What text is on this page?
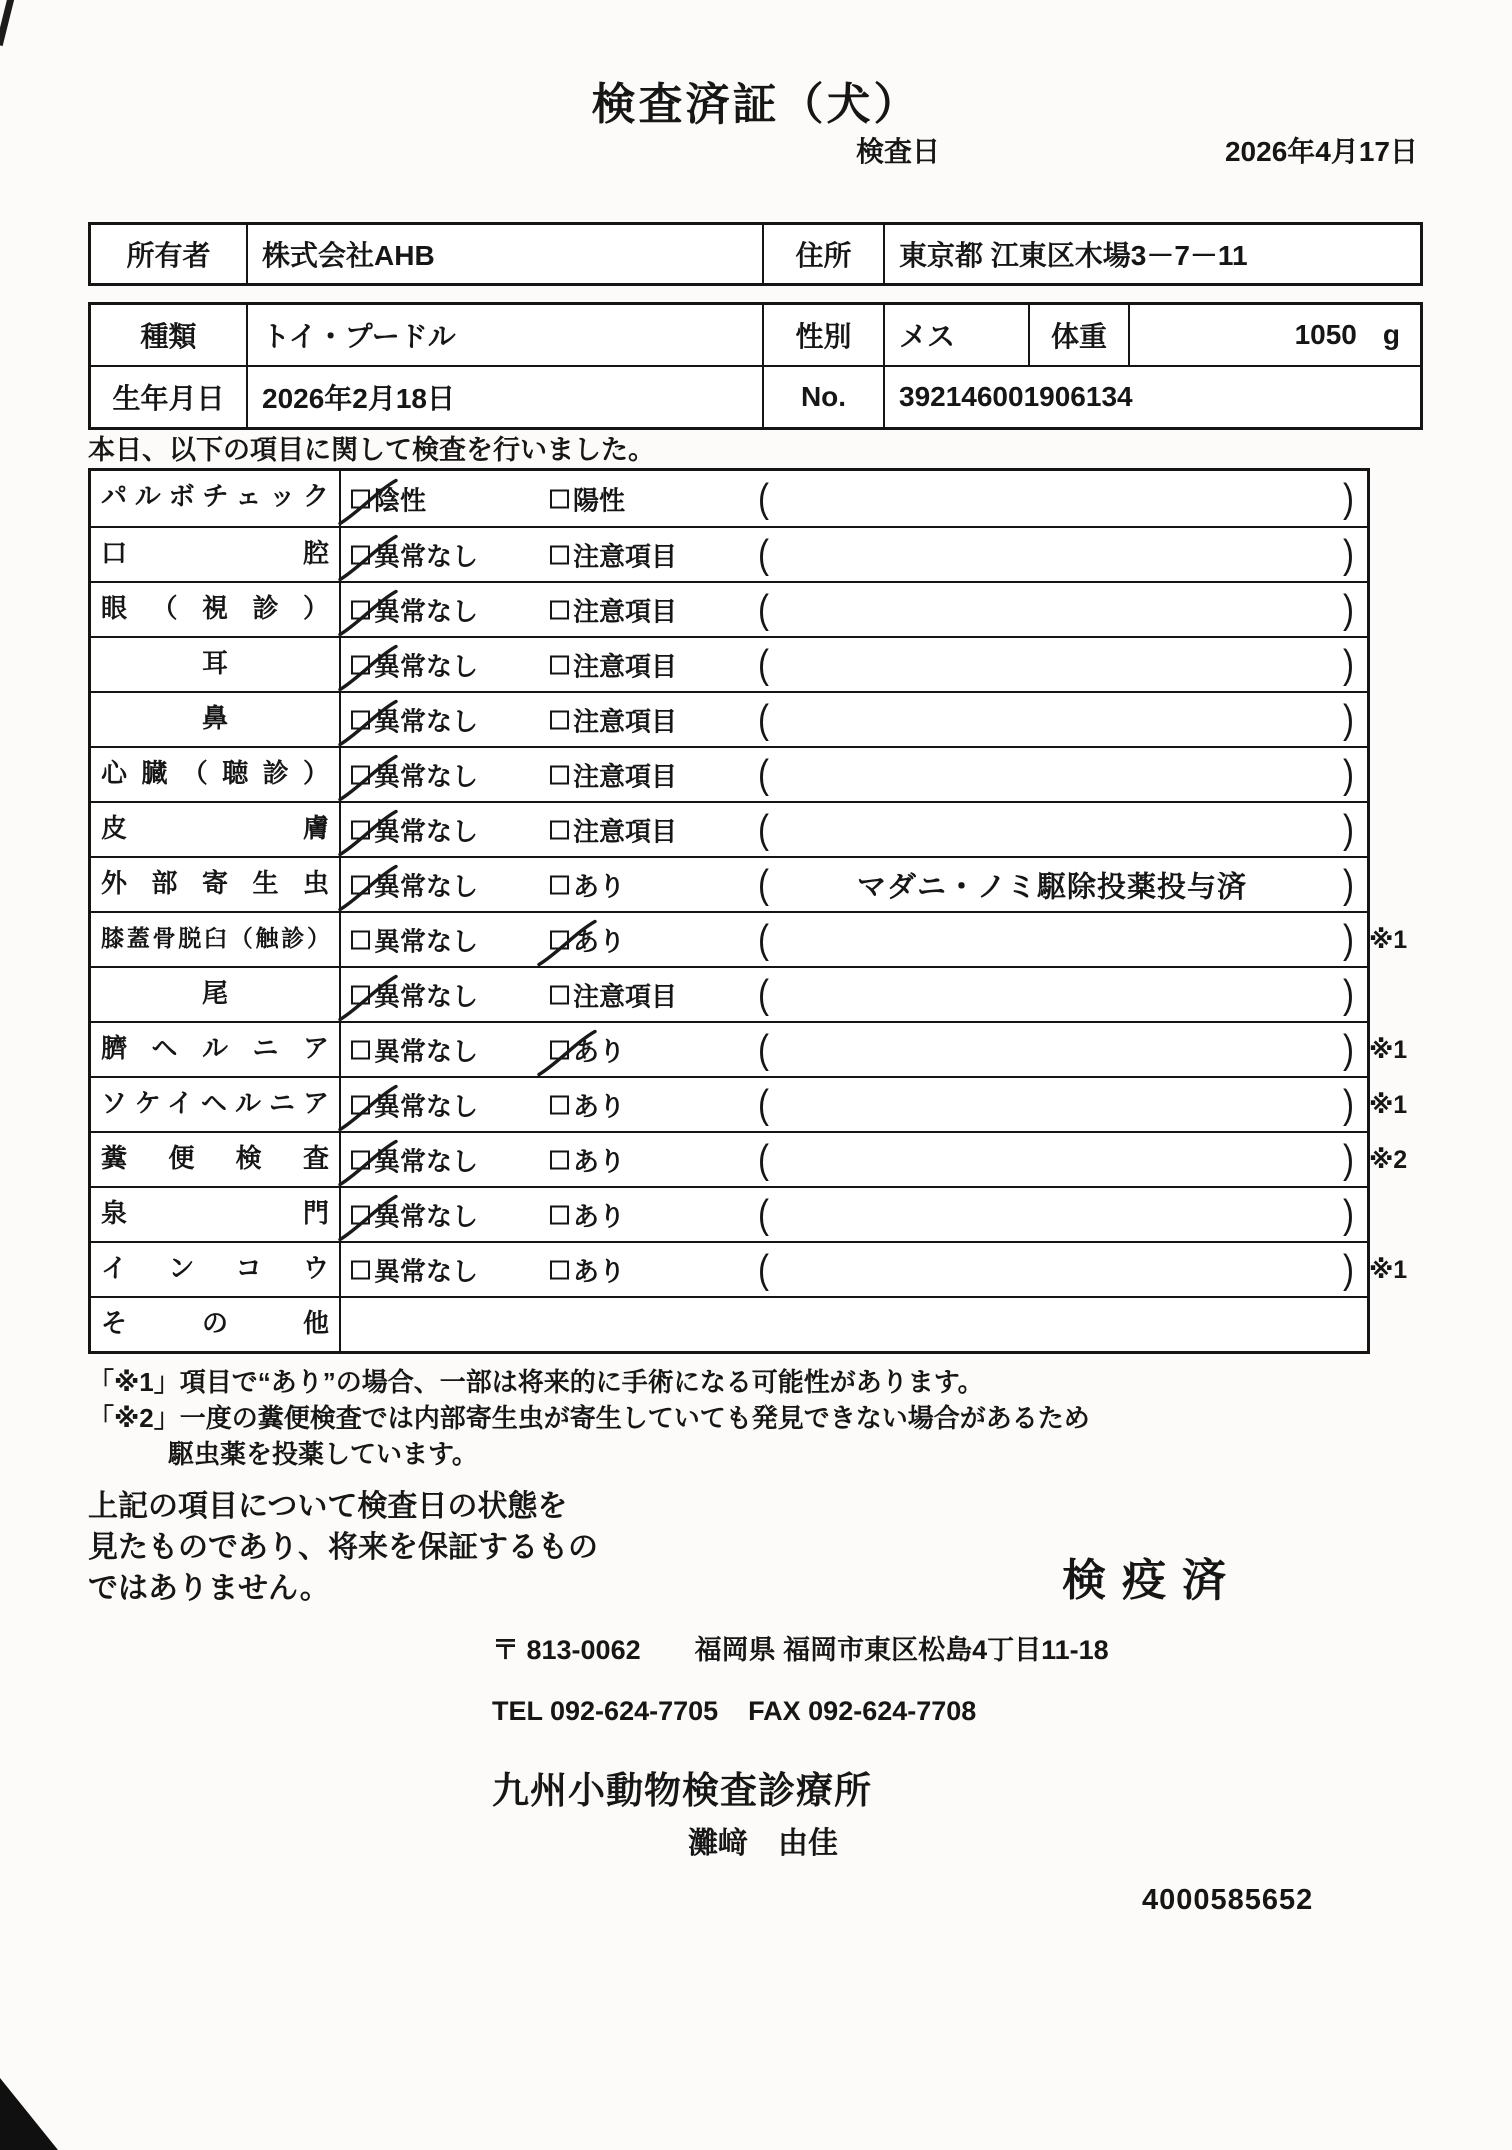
検査済証（犬）
検査日	2026年4月17日
所有者	株式会社AHB	住所	東京都 江東区木場3－7－11
種類	トイ・プードル	性別	メス	体重	1050 g
生年月日	2026年2月18日	No.	392146001906134
本日、以下の項目に関して検査を行いました。
パルボチェック	陰性	陽性	(	)
口腔	異常なし	注意項目 (	)
眼（視診）	異常なし	注意項目 (	)
耳	異常なし	注意項目 (	)
鼻	異常なし	注意項目 (	)
心臓（聴診）	異常なし	注意項目 (	)
皮膚	異常なし	注意項目 (	)
外部寄生虫	異常なし	あり	(	マダニ・ノミ駆除投薬投与済	)
膝蓋骨脱臼（触診）	異常なし	あり	(	) ※1
尾	異常なし	注意項目 (	)
臍ヘルニア	異常なし	あり	(	) ※1
ソケイヘルニア	異常なし	あり	(	) ※1
糞便検査	異常なし	あり	(	) ※2
泉門	異常なし	あり	(	)
インコウ	異常なし	あり	(	) ※1
その他
「※1」項目で“あり”の場合、一部は将来的に手術になる可能性があります。
「※2」一度の糞便検査では内部寄生虫が寄生していても発見できない場合があるため
駆虫薬を投薬しています。
上記の項目について検査日の状態を
見たものであり、将来を保証するもの
ではありません。	検疫済
〒 813-0062 福岡県 福岡市東区松島4丁目11-18
TEL 092-624-7705 FAX 092-624-7708
九州小動物検査診療所
灘﨑　由佳
4000585652
